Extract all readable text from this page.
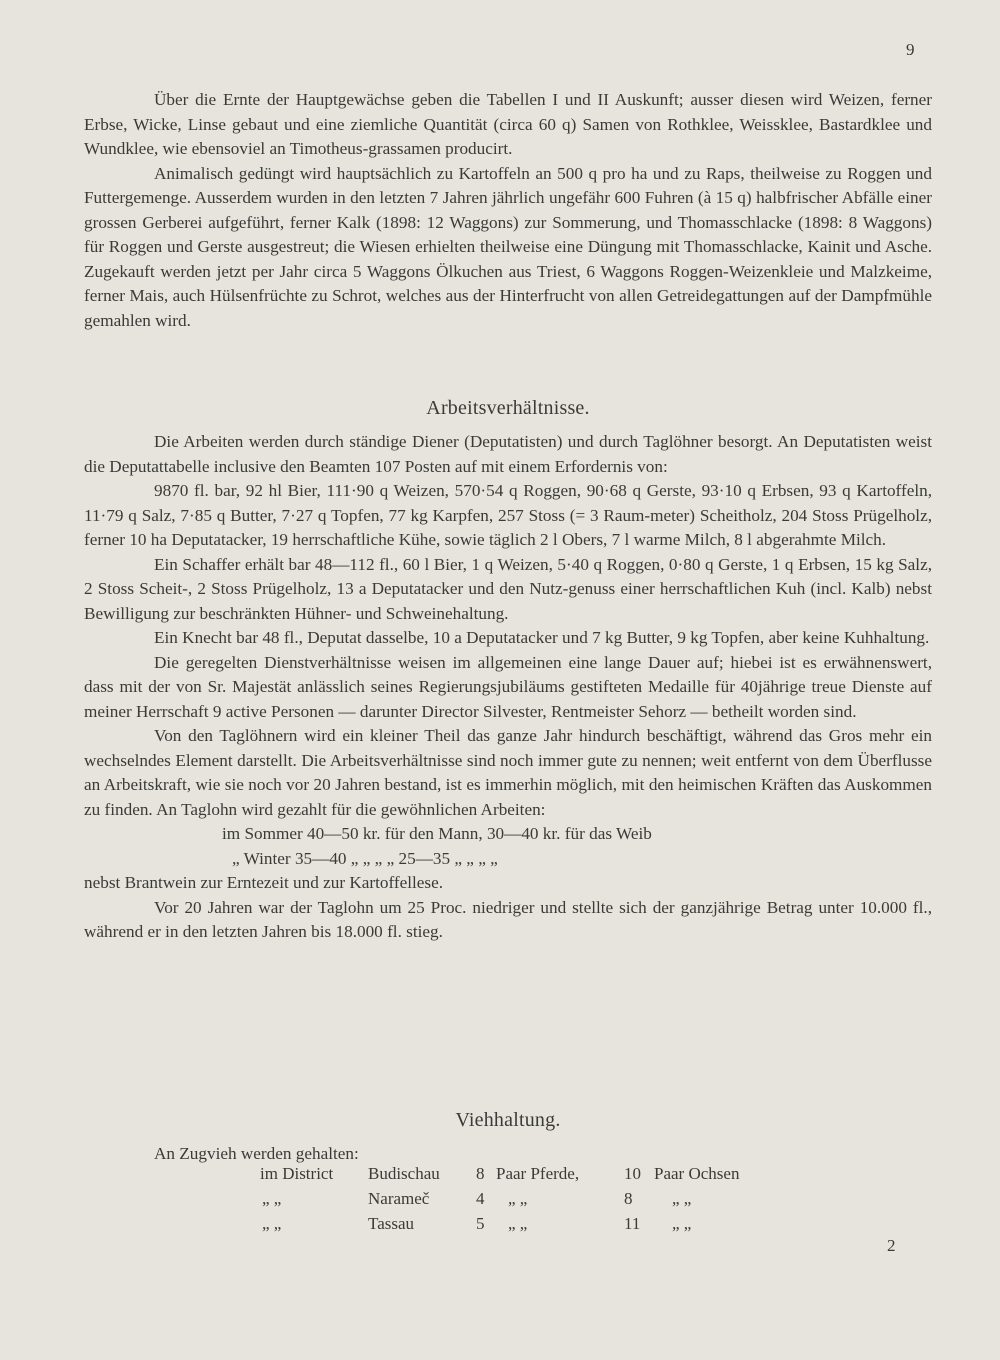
9

Über die Ernte der Hauptgewächse geben die Tabellen I und II Auskunft; ausser diesen wird Weizen, ferner Erbse, Wicke, Linse gebaut und eine ziemliche Quantität (circa 60 q) Samen von Rothklee, Weissklee, Bastardklee und Wundklee, wie ebensoviel an Timotheus-grassamen producirt.

Animalisch gedüngt wird hauptsächlich zu Kartoffeln an 500 q pro ha und zu Raps, theilweise zu Roggen und Futtergemenge. Ausserdem wurden in den letzten 7 Jahren jährlich ungefähr 600 Fuhren (à 15 q) halbfrischer Abfälle einer grossen Gerberei aufgeführt, ferner Kalk (1898: 12 Waggons) zur Sommerung, und Thomasschlacke (1898: 8 Waggons) für Roggen und Gerste ausgestreut; die Wiesen erhielten theilweise eine Düngung mit Thomasschlacke, Kainit und Asche. Zugekauft werden jetzt per Jahr circa 5 Waggons Ölkuchen aus Triest, 6 Waggons Roggen-Weizenkleie und Malzkeime, ferner Mais, auch Hülsenfrüchte zu Schrot, welches aus der Hinterfrucht von allen Getreidegattungen auf der Dampfmühle gemahlen wird.

Arbeitsverhältnisse.

Die Arbeiten werden durch ständige Diener (Deputatisten) und durch Taglöhner besorgt. An Deputatisten weist die Deputattabelle inclusive den Beamten 107 Posten auf mit einem Erfordernis von:

9870 fl. bar, 92 hl Bier, 111·90 q Weizen, 570·54 q Roggen, 90·68 q Gerste, 93·10 q Erbsen, 93 q Kartoffeln, 11·79 q Salz, 7·85 q Butter, 7·27 q Topfen, 77 kg Karpfen, 257 Stoss (= 3 Raum-meter) Scheitholz, 204 Stoss Prügelholz, ferner 10 ha Deputatacker, 19 herrschaftliche Kühe, sowie täglich 2 l Obers, 7 l warme Milch, 8 l abgerahmte Milch.

Ein Schaffer erhält bar 48—112 fl., 60 l Bier, 1 q Weizen, 5·40 q Roggen, 0·80 q Gerste, 1 q Erbsen, 15 kg Salz, 2 Stoss Scheit-, 2 Stoss Prügelholz, 13 a Deputatacker und den Nutz-genuss einer herrschaftlichen Kuh (incl. Kalb) nebst Bewilligung zur beschränkten Hühner- und Schweinehaltung.

Ein Knecht bar 48 fl., Deputat dasselbe, 10 a Deputatacker und 7 kg Butter, 9 kg Topfen, aber keine Kuhhaltung.

Die geregelten Dienstverhältnisse weisen im allgemeinen eine lange Dauer auf; hiebei ist es erwähnenswert, dass mit der von Sr. Majestät anlässlich seines Regierungsjubiläums gestifteten Medaille für 40jährige treue Dienste auf meiner Herrschaft 9 active Personen — darunter Director Silvester, Rentmeister Sehorz — betheilt worden sind.

Von den Taglöhnern wird ein kleiner Theil das ganze Jahr hindurch beschäftigt, während das Gros mehr ein wechselndes Element darstellt. Die Arbeitsverhältnisse sind noch immer gute zu nennen; weit entfernt von dem Überflusse an Arbeitskraft, wie sie noch vor 20 Jahren bestand, ist es immerhin möglich, mit den heimischen Kräften das Auskommen zu finden. An Taglohn wird gezahlt für die gewöhnlichen Arbeiten:

im Sommer 40—50 kr. für den Mann, 30—40 kr. für das Weib

„ Winter 35—40 „ „ „ „ 25—35 „ „ „ „

nebst Brantwein zur Erntezeit und zur Kartoffellese.

Vor 20 Jahren war der Taglohn um 25 Proc. niedriger und stellte sich der ganzjährige Betrag unter 10.000 fl., während er in den letzten Jahren bis 18.000 fl. stieg.

Viehhaltung.

An Zugvieh werden gehalten:

im District Budischau 8 Paar Pferde,	10 Paar Ochsen
„ „	Narameč	4 „ „	8 „ „
„ „	Tassau	5 „ „	11 „ „
2
